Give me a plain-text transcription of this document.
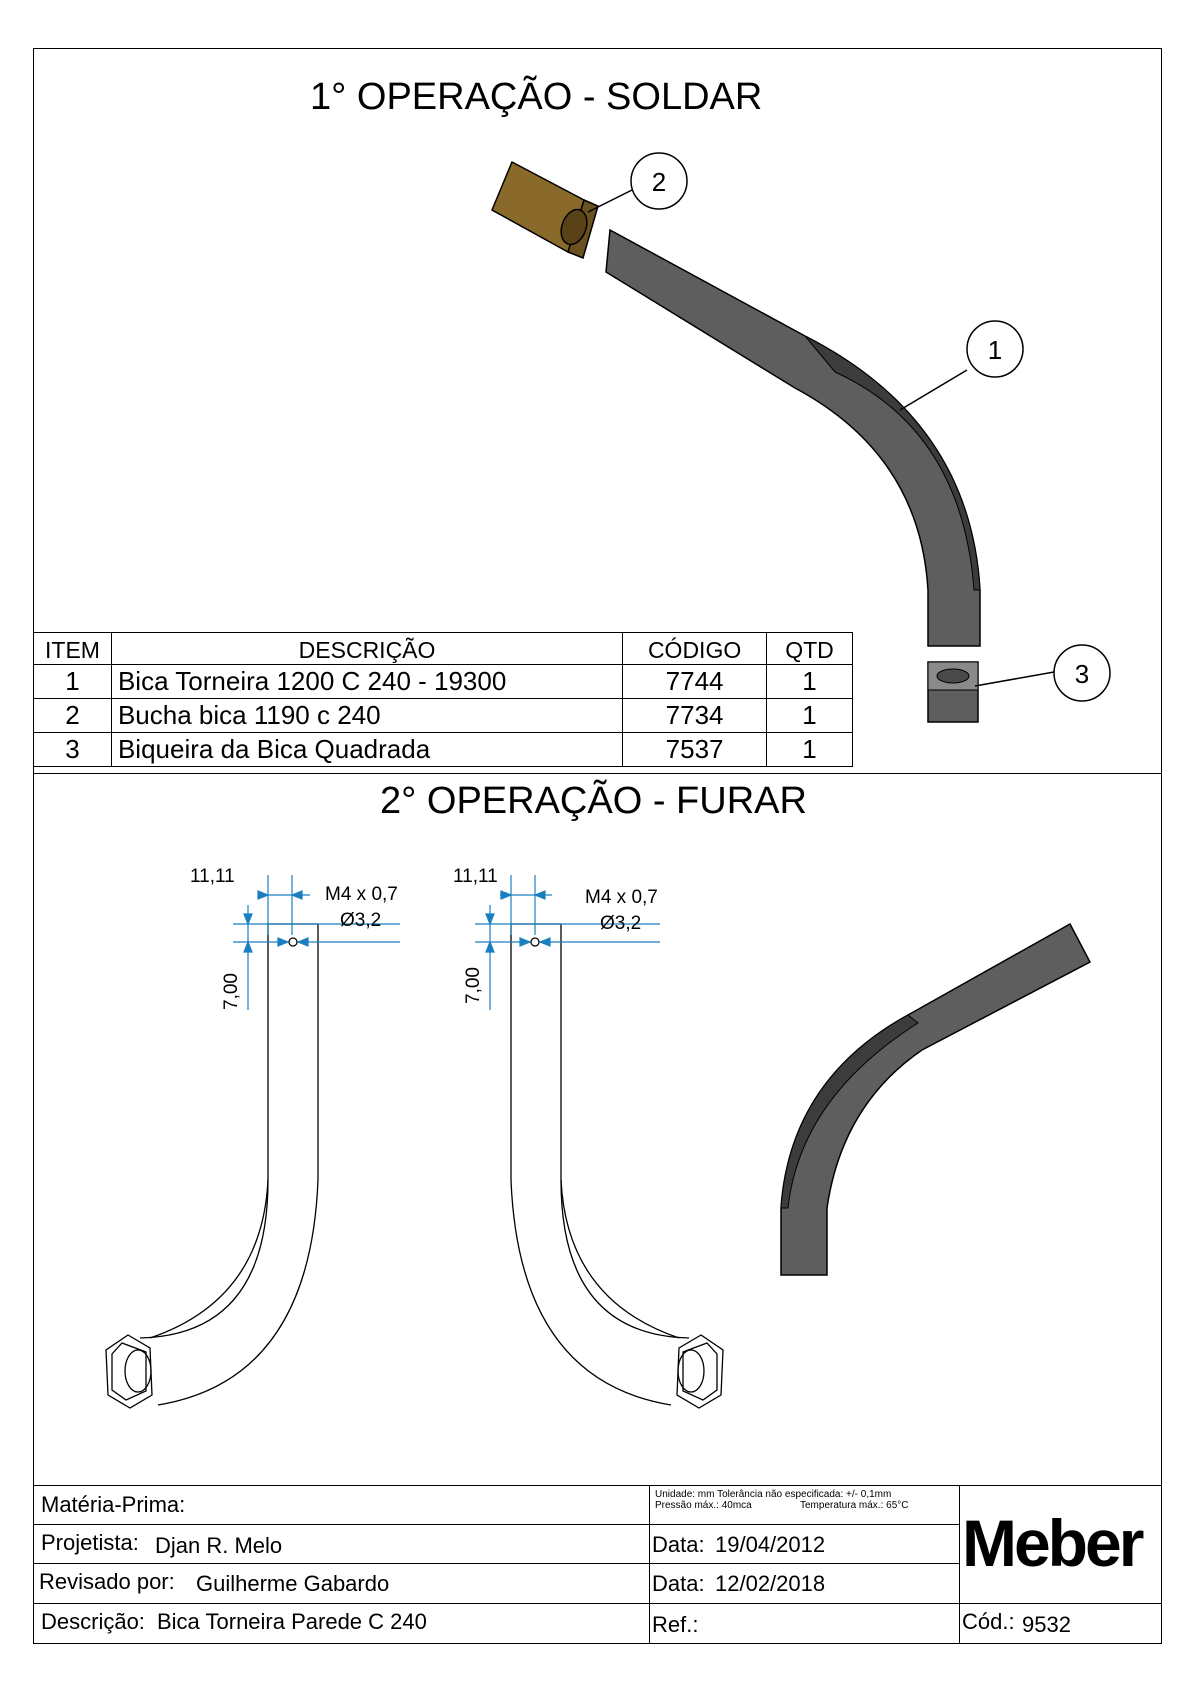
1° OPERAÇÃO - SOLDAR
2° OPERAÇÃO - FURAR
2
1
3
ITEM	DESCRIÇÃO	CÓDIGO	QTD
1	Bica Torneira 1200 C 240 - 19300	7744	1
2	Bucha bica 1190 c 240	7734	1
3	Biqueira da Bica Quadrada	7537	1
11,11
M4 x 0,7
Ø3,2
7,00
11,11
M4 x 0,7
Ø3,2
7,00
Matéria-Prima:
Projetista: Djan R. Melo
Revisado por: Guilherme Gabardo
Descrição: Bica Torneira Parede C 240
Unidade: mm Tolerância não especificada: +/- 0,1mm
Pressão máx.: 40mca	Temperatura máx.: 65°C
Data: 19/04/2012
Data: 12/02/2018
Ref.:
Meber
Cód.: 9532
